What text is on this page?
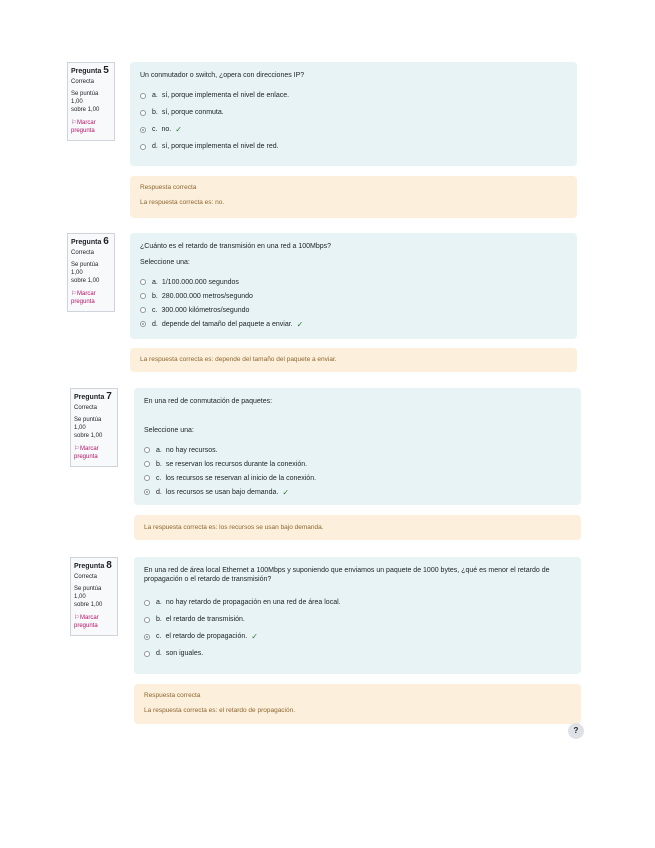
Pregunta 5
Correcta
Se puntúa 1,00
sobre 1,00
⚐Marcar
pregunta
Un conmutador o switch, ¿opera con direcciones IP?
a. sí, porque implementa el nivel de enlace.
b. sí, porque conmuta.
c. no. ✓
d. sí, porque implementa el nivel de red.
Respuesta correcta
La respuesta correcta es: no.
Pregunta 6
Correcta
Se puntúa 1,00
sobre 1,00
⚐Marcar
pregunta
¿Cuánto es el retardo de transmisión en una red a 100Mbps?
Seleccione una:
a. 1/100.000.000 segundos
b. 280.000.000 metros/segundo
c. 300.000 kilómetros/segundo
d. depende del tamaño del paquete a enviar. ✓
La respuesta correcta es: depende del tamaño del paquete a enviar.
Pregunta 7
Correcta
Se puntúa 1,00
sobre 1,00
⚐Marcar
pregunta
En una red de conmutación de paquetes:
Seleccione una:
a. no hay recursos.
b. se reservan los recursos durante la conexión.
c. los recursos se reservan al inicio de la conexión.
d. los recursos se usan bajo demanda. ✓
La respuesta correcta es: los recursos se usan bajo demanda.
Pregunta 8
Correcta
Se puntúa 1,00
sobre 1,00
⚐Marcar
pregunta
En una red de área local Ethernet a 100Mbps y suponiendo que enviamos un paquete de 1000 bytes, ¿qué es menor el retardo de propagación o el retardo de transmisión?
a. no hay retardo de propagación en una red de área local.
b. el retardo de transmisión.
c. el retardo de propagación. ✓
d. son iguales.
Respuesta correcta
La respuesta correcta es: el retardo de propagación.
?
